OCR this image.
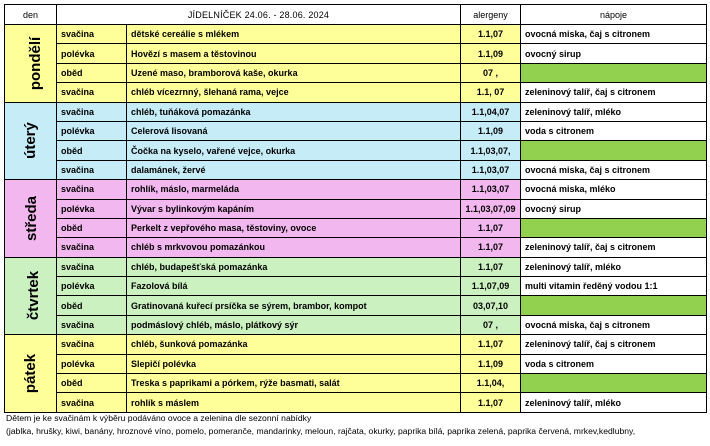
den	JÍDELNÍČEK 24.06. - 28.06. 2024		alergeny	nápoje
pondělí	svačina	dětské cereálie s mlékem	1.1,07	ovocná miska, čaj s citronem
	polévka	Hovězí s masem a těstovinou	1.1,09	ovocný sirup
	oběd	Uzené maso, bramborová kaše, okurka	07 ,	
	svačina	chléb vícezrnný, šlehaná rama, vejce	1.1, 07	zeleninový talíř, čaj s citronem
úterý	svačina	chléb, tuňáková pomazánka	1.1,04,07	zeleninový talíř, mléko
	polévka	Celerová lisovaná	1.1,09	voda s citronem
	oběd	Čočka na kyselo, vařené vejce, okurka	1.1,03,07,	
	svačina	dalamánek, žervé	1.1,03,07	ovocná miska, čaj s citronem
středa	svačina	rohlík, máslo, marmeláda	1.1,03,07	ovocná miska, mléko
	polévka	Vývar s bylinkovým kapáním	1.1,03,07,09	ovocný sirup
	oběd	Perkelt z vepřového masa, těstoviny, ovoce	1.1,07	
	svačina	chléb s mrkvovou pomazánkou	1.1,07	zeleninový talíř, čaj s citronem
čtvrtek	svačina	chléb, budapešťská pomazánka	1.1,07	zeleninový talíř, mléko
	polévka	Fazolová bílá	1.1,07,09	multi vitamin ředěný vodou 1:1
	oběd	Gratinovaná kuřecí prsíčka se sýrem, brambor, kompot	03,07,10	
	svačina	podmáslový chléb, máslo, plátkový sýr	07 ,	ovocná miska, čaj s citronem
pátek	svačina	chléb, šunková pomazánka	1.1,07	zeleninový talíř, čaj s citronem
	polévka	Slepičí polévka	1.1,09	voda s citronem
	oběd	Treska s paprikami a pórkem, rýže basmati, salát	1.1,04,	
	svačina	rohlík s máslem	1.1,07	zeleninový talíř, mléko
Dětem je ke svačinám k výběru podáváno ovoce a zelenina dle sezonní nabídky
(jablka, hrušky, kiwi, banány, hroznové víno, pomelo, pomeranče, mandarinky, meloun, rajčata, okurky, paprika bílá, paprika zelená, paprika červená, mrkev,kedlubny,
